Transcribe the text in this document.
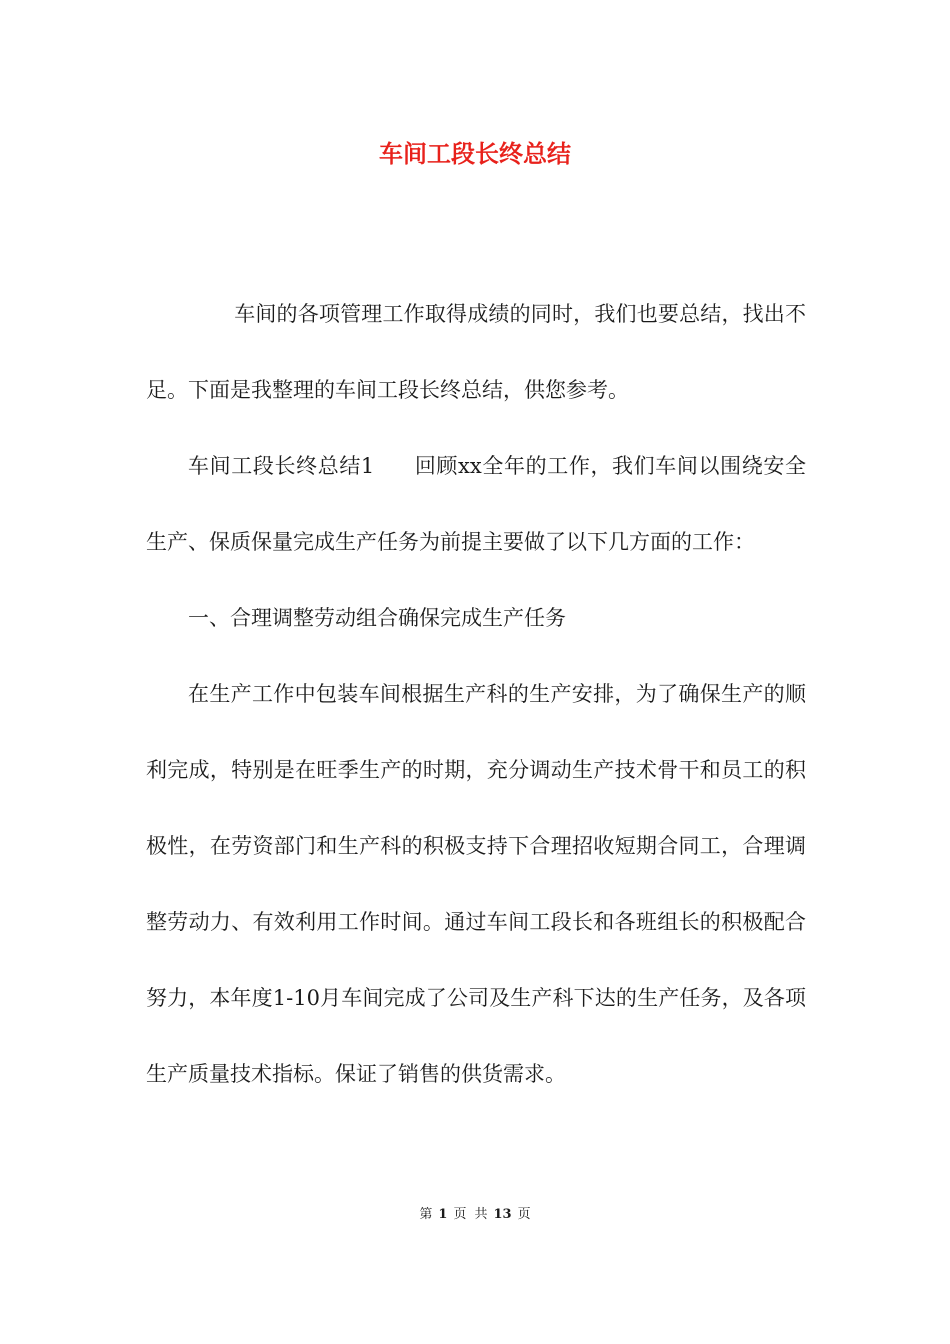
车间工段长终总结

车间的各项管理工作取得成绩的同时，我们也要总结，找出不足。下面是我整理的车间工段长终总结，供您参考。

车间工段长终总结1 回顾xx全年的工作，我们车间以围绕安全生产、保质保量完成生产任务为前提主要做了以下几方面的工作：

一、合理调整劳动组合确保完成生产任务

在生产工作中包装车间根据生产科的生产安排，为了确保生产的顺利完成，特别是在旺季生产的时期，充分调动生产技术骨干和员工的积极性，在劳资部门和生产科的积极支持下合理招收短期合同工，合理调整劳动力、有效利用工作时间。通过车间工段长和各班组长的积极配合努力，本年度1-10月车间完成了公司及生产科下达的生产任务，及各项生产质量技术指标。保证了销售的供货需求。

第 1 页 共 13 页
